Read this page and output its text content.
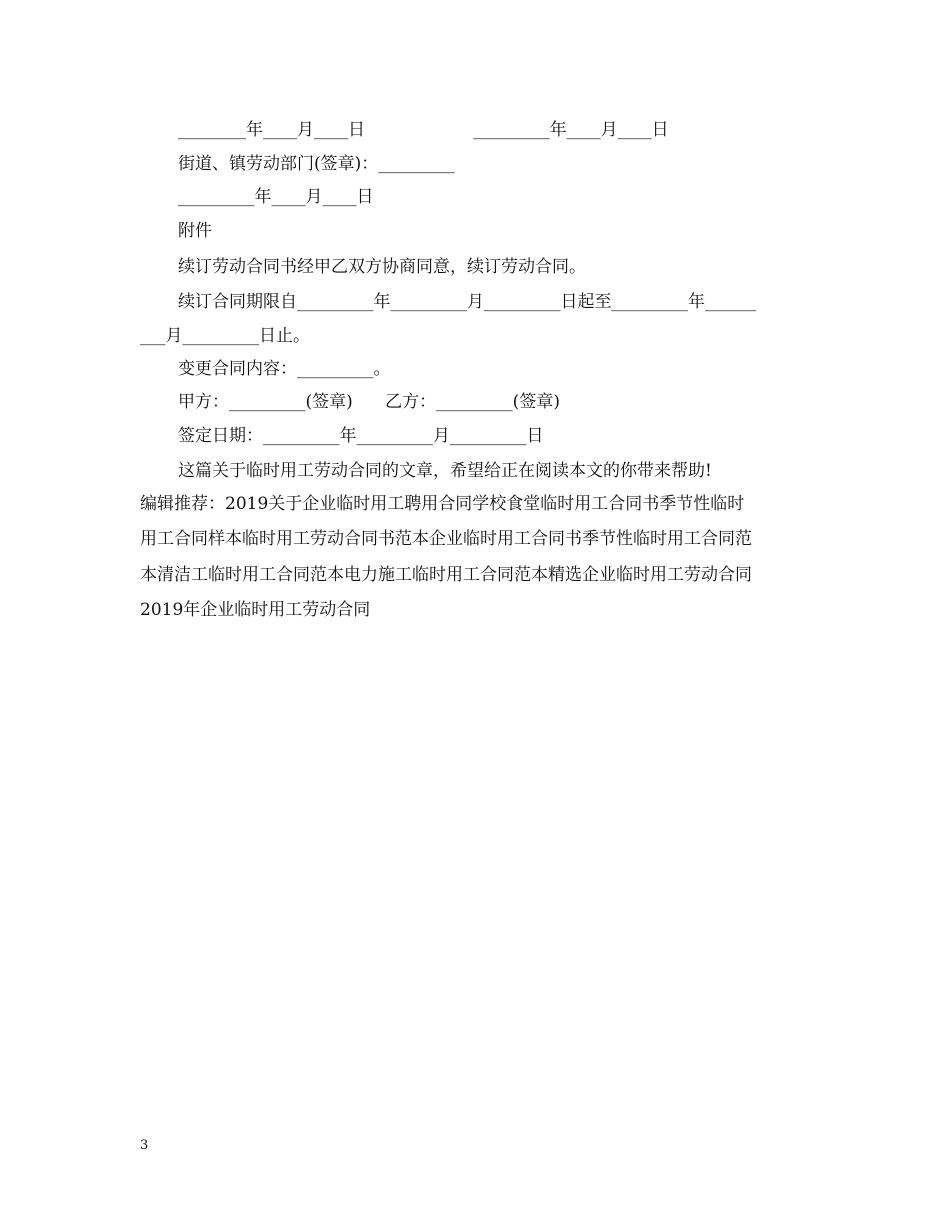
________年____月____日                    _________年____月____日
街道、镇劳动部门(签章)：_________
_________年____月____日
附件
续订劳动合同书经甲乙双方协商同意，续订劳动合同。
续订合同期限自_________年_________月_________日起至_________年______
___月_________日止。
变更合同内容：_________。
甲方：_________(签章)      乙方：_________(签章)
签定日期：_________年_________月_________日
这篇关于临时用工劳动合同的文章，希望给正在阅读本文的你带来帮助!
编辑推荐：2019关于企业临时用工聘用合同学校食堂临时用工合同书季节性临时
用工合同样本临时用工劳动合同书范本企业临时用工合同书季节性临时用工合同范
本清洁工临时用工合同范本电力施工临时用工合同范本精选企业临时用工劳动合同
2019年企业临时用工劳动合同
3
